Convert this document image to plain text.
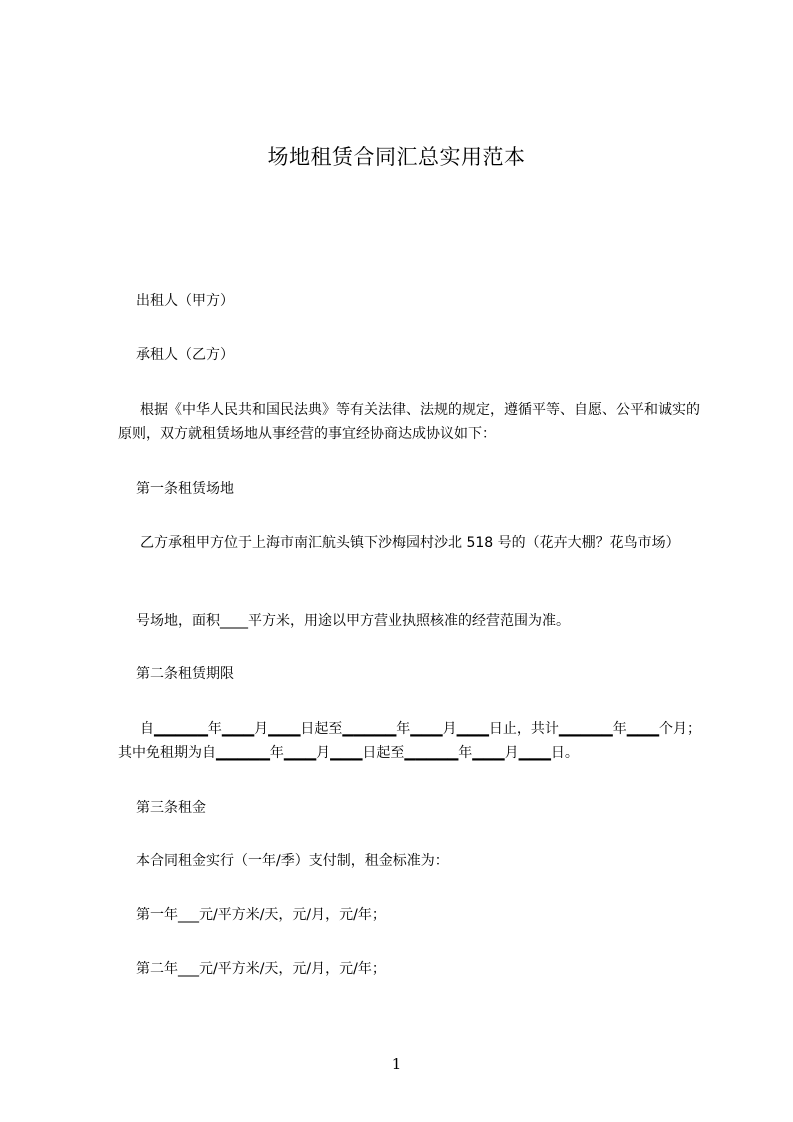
场地租赁合同汇总实用范本
出租人（甲方）
承租人（乙方）
根据《中华人民共和国民法典》等有关法律、法规的规定，遵循平等、自愿、公平和诚实的原则，双方就租赁场地从事经营的事宜经协商达成协议如下：
第一条租赁场地
乙方承租甲方位于上海市南汇航头镇下沙梅园村沙北 518 号的（花卉大棚？花鸟市场）
号场地，面积____平方米，用途以甲方营业执照核准的经营范围为准。
第二条租赁期限
自▁▁▁▁▁年▁▁▁月▁▁▁日起至▁▁▁▁▁年▁▁▁月▁▁▁日止，共计▁▁▁▁▁年▁▁▁个月；其中免租期为自▁▁▁▁▁年▁▁▁月▁▁▁日起至▁▁▁▁▁年▁▁▁月▁▁▁日。
第三条租金
本合同租金实行（一年/季）支付制，租金标准为：
第一年___元/平方米/天，元/月，元/年；
第二年___元/平方米/天，元/月，元/年；
1
